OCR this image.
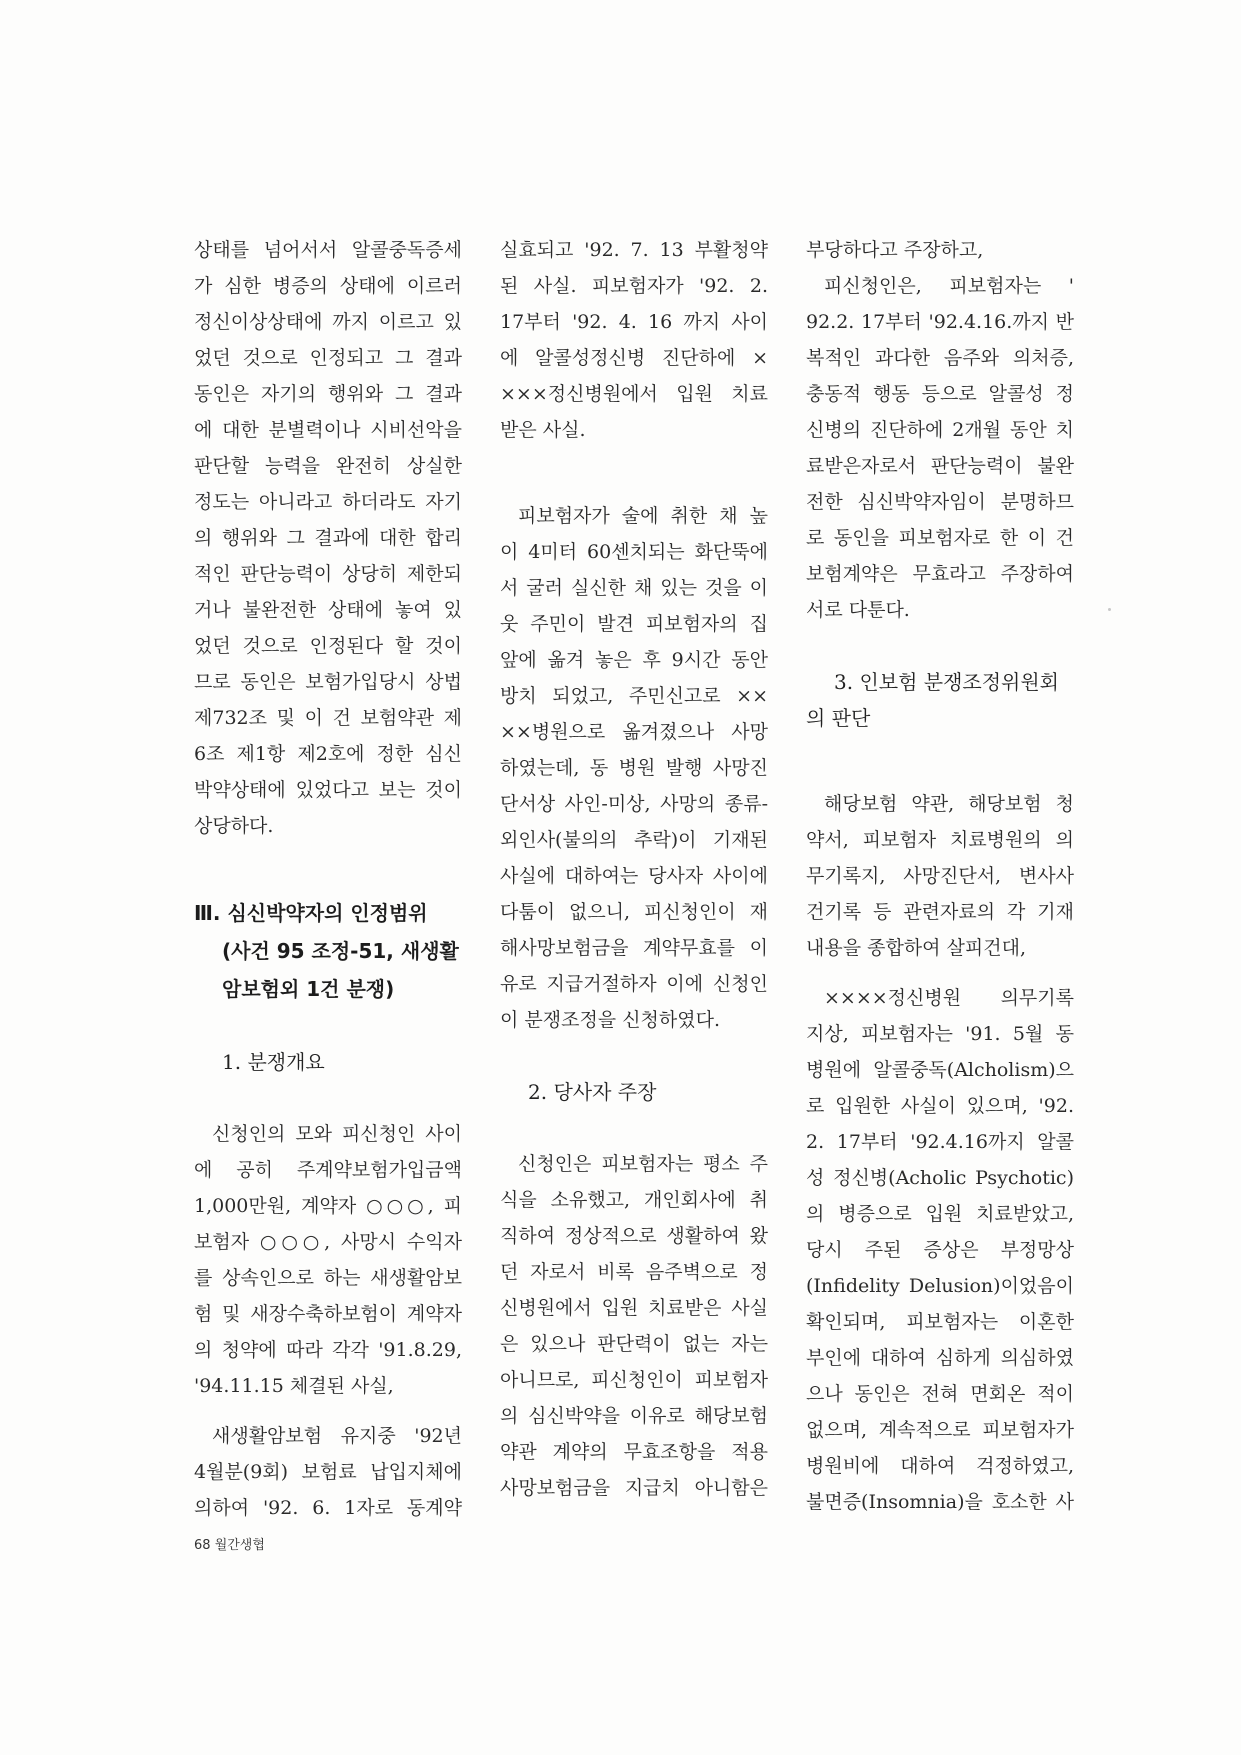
상태를 넘어서서 알콜중독증세
가 심한 병증의 상태에 이르러
정신이상상태에 까지 이르고 있
었던 것으로 인정되고 그 결과
동인은 자기의 행위와 그 결과
에 대한 분별력이나 시비선악을
판단할 능력을 완전히 상실한
정도는 아니라고 하더라도 자기
의 행위와 그 결과에 대한 합리
적인 판단능력이 상당히 제한되
거나 불완전한 상태에 놓여 있
었던 것으로 인정된다 할 것이
므로 동인은 보험가입당시 상법
제732조 및 이 건 보험약관 제
6조 제1항 제2호에 정한 심신
박약상태에 있었다고 보는 것이
상당하다.
Ⅲ. 심신박약자의 인정범위
(사건 95 조정-51, 새생활
암보험외 1건 분쟁)
1. 분쟁개요
신청인의 모와 피신청인 사이
에 공히 주계약보험가입금액
1,000만원, 계약자 ○○○, 피
보험자 ○○○, 사망시 수익자
를 상속인으로 하는 새생활암보
험 및 새장수축하보험이 계약자
의 청약에 따라 각각 '91.8.29,
'94.11.15 체결된 사실,
새생활암보험 유지중 '92년
4월분(9회) 보험료 납입지체에
의하여 '92. 6. 1자로 동계약
실효되고 '92. 7. 13 부활청약
된 사실. 피보험자가 '92. 2.
17부터 '92. 4. 16 까지 사이
에 알콜성정신병 진단하에 ×
×××정신병원에서 입원 치료
받은 사실.
피보험자가 술에 취한 채 높
이 4미터 60센치되는 화단뚝에
서 굴러 실신한 채 있는 것을 이
웃 주민이 발견 피보험자의 집
앞에 옮겨 놓은 후 9시간 동안
방치 되었고, 주민신고로 ××
××병원으로 옮겨졌으나 사망
하였는데, 동 병원 발행 사망진
단서상 사인-미상, 사망의 종류-
외인사(불의의 추락)이 기재된
사실에 대하여는 당사자 사이에
다툼이 없으니, 피신청인이 재
해사망보험금을 계약무효를 이
유로 지급거절하자 이에 신청인
이 분쟁조정을 신청하였다.
2. 당사자 주장
신청인은 피보험자는 평소 주
식을 소유했고, 개인회사에 취
직하여 정상적으로 생활하여 왔
던 자로서 비록 음주벽으로 정
신병원에서 입원 치료받은 사실
은 있으나 판단력이 없는 자는
아니므로, 피신청인이 피보험자
의 심신박약을 이유로 해당보험
약관 계약의 무효조항을 적용
사망보험금을 지급치 아니함은
부당하다고 주장하고,
피신청인은, 피보험자는 '
92.2. 17부터 '92.4.16.까지 반
복적인 과다한 음주와 의처증,
충동적 행동 등으로 알콜성 정
신병의 진단하에 2개월 동안 치
료받은자로서 판단능력이 불완
전한 심신박약자임이 분명하므
로 동인을 피보험자로 한 이 건
보험계약은 무효라고 주장하여
서로 다툰다.
3. 인보험 분쟁조정위원회
의 판단
해당보험 약관, 해당보험 청
약서, 피보험자 치료병원의 의
무기록지, 사망진단서, 변사사
건기록 등 관련자료의 각 기재
내용을 종합하여 살피건대,
××××정신병원 의무기록
지상, 피보험자는 '91. 5월 동
병원에 알콜중독(Alcholism)으
로 입원한 사실이 있으며, '92.
2. 17부터 '92.4.16까지 알콜
성 정신병(Acholic Psychotic)
의 병증으로 입원 치료받았고,
당시 주된 증상은 부정망상
(Infidelity Delusion)이었음이
확인되며, 피보험자는 이혼한
부인에 대하여 심하게 의심하였
으나 동인은 전혀 면회온 적이
없으며, 계속적으로 피보험자가
병원비에 대하여 걱정하였고,
불면증(Insomnia)을 호소한 사
68 월간생협
